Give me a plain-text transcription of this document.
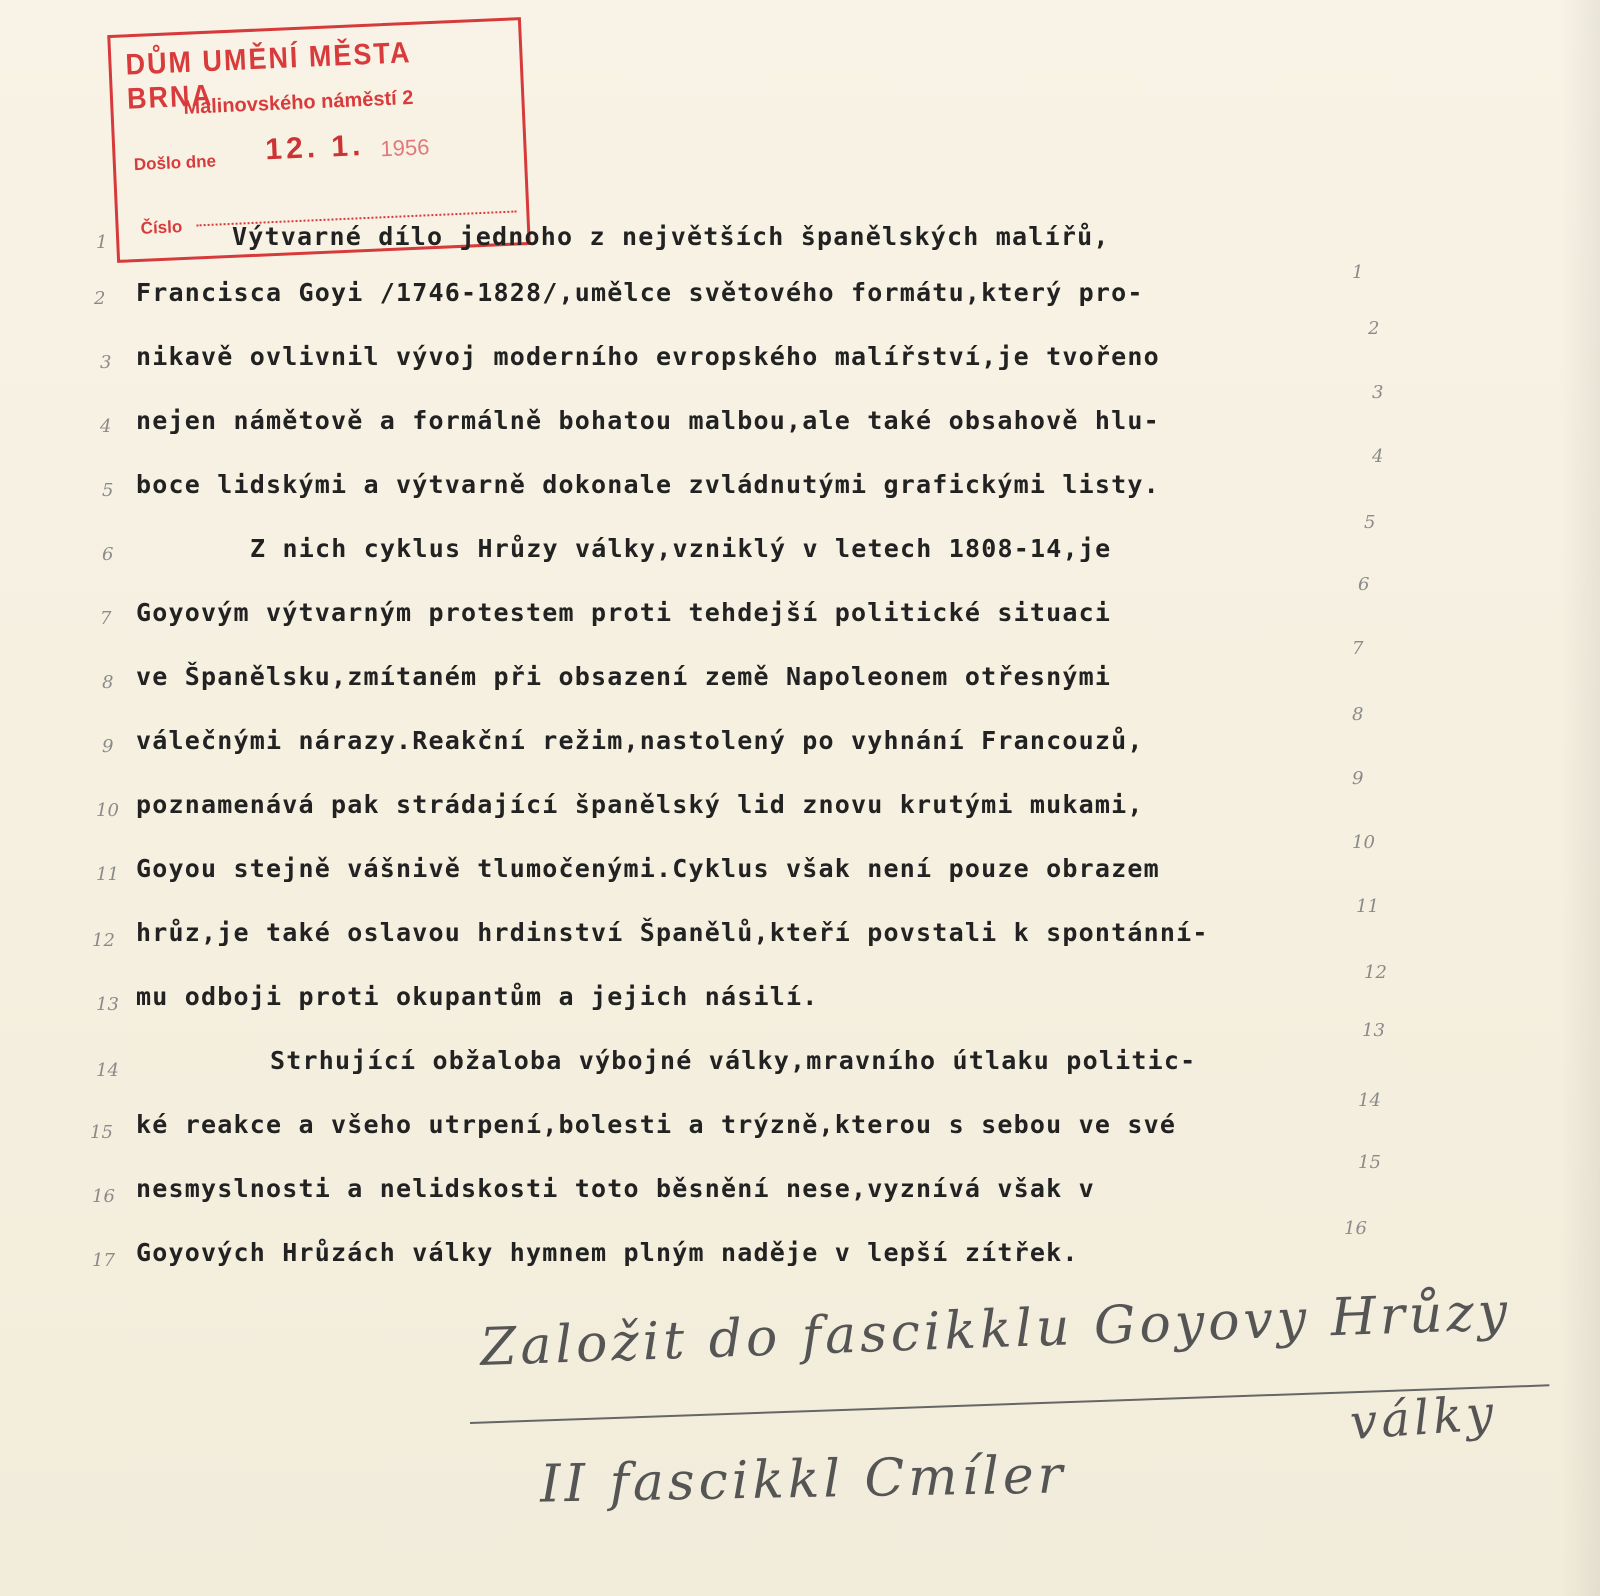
DŮM UMĚNÍ MĚSTA BRNA
Malinovského náměstí 2
Došlo dne 12. 1. 1956
Číslo Výtvarné dílo jednoho z největších španělských malířů,
Francisca Goyi /1746-1828/,umělce světového formátu,který pro-
nikavě ovlivnil vývoj moderního evropského malířství,je tvořeno
nejen námětově a formálně bohatou malbou,ale také obsahově hlu-
boce lidskými a výtvarně dokonale zvládnutými grafickými listy.
Z nich cyklus Hrůzy války,vzniklý v letech 1808-14,je
Goyovým výtvarným protestem proti tehdejší politické situaci
ve Španělsku,zmítaném při obsazení země Napoleonem otřesnými
válečnými nárazy.Reakční režim,nastolený po vyhnání Francouzů,
poznamenává pak strádající španělský lid znovu krutými mukami,
Goyou stejně vášnivě tlumočenými.Cyklus však není pouze obrazem
hrůz,je také oslavou hrdinství Španělů,kteří povstali k spontánní-
mu odboji proti okupantům a jejich násilí.
Strhující obžaloba výbojné války,mravního útlaku politic-
ké reakce a všeho utrpení,bolesti a trýzně,kterou s sebou ve své
nesmyslnosti a nelidskosti toto běsnění nese,vyznívá však v
Goyových Hrůzách války hymnem plným naděje v lepší zítřek.
1
2
3
4
5
6
7
8
9
10
11
12
13
14
15
16
17
1
2
3
4
5
6
7
8
9
10
11
12
13
14
15
16
Založit do fascikklu Goyovy Hrůzy
války
II fascikkl Cmíler
